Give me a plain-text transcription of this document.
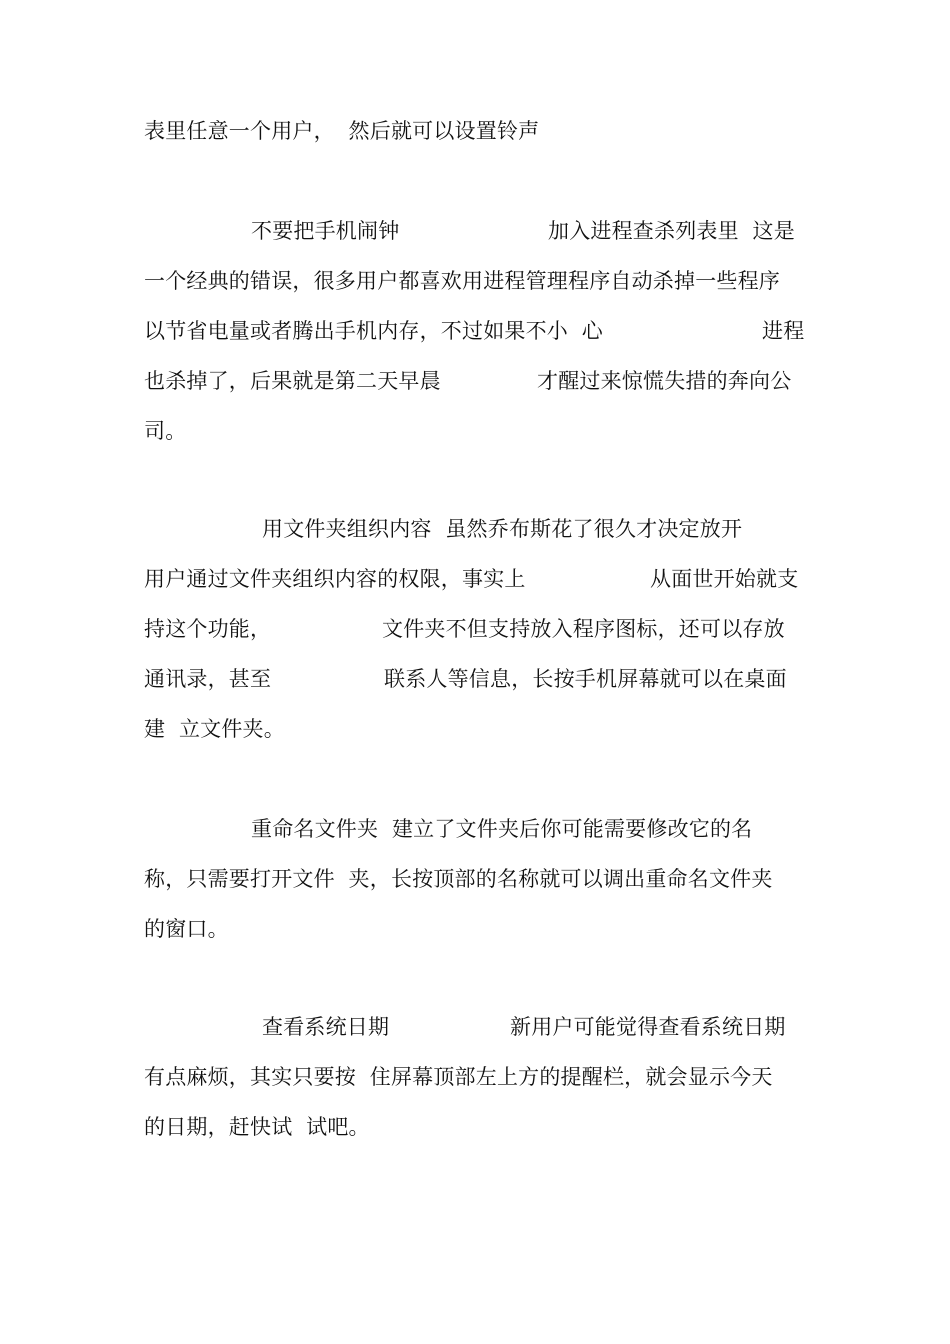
表里任意一个用户，  然后就可以设置铃声
不要把手机闹钟	加入进程查杀列表里  这是
一个经典的错误，很多用户都喜欢用进程管理程序自动杀掉一些程序
以节省电量或者腾出手机内存，不过如果不小  心	进程
也杀掉了，后果就是第二天早晨	才醒过来惊慌失措的奔向公
司。
用文件夹组织内容  虽然乔布斯花了很久才决定放开
用户通过文件夹组织内容的权限，事实上	从面世开始就支
持这个功能，	文件夹不但支持放入程序图标，还可以存放
通讯录，甚至	联系人等信息，长按手机屏幕就可以在桌面
建  立文件夹。
重命名文件夹  建立了文件夹后你可能需要修改它的名
称，只需要打开文件  夹，长按顶部的名称就可以调出重命名文件夹
的窗口。
查看系统日期	新用户可能觉得查看系统日期
有点麻烦，其实只要按  住屏幕顶部左上方的提醒栏，就会显示今天
的日期，赶快试  试吧。
